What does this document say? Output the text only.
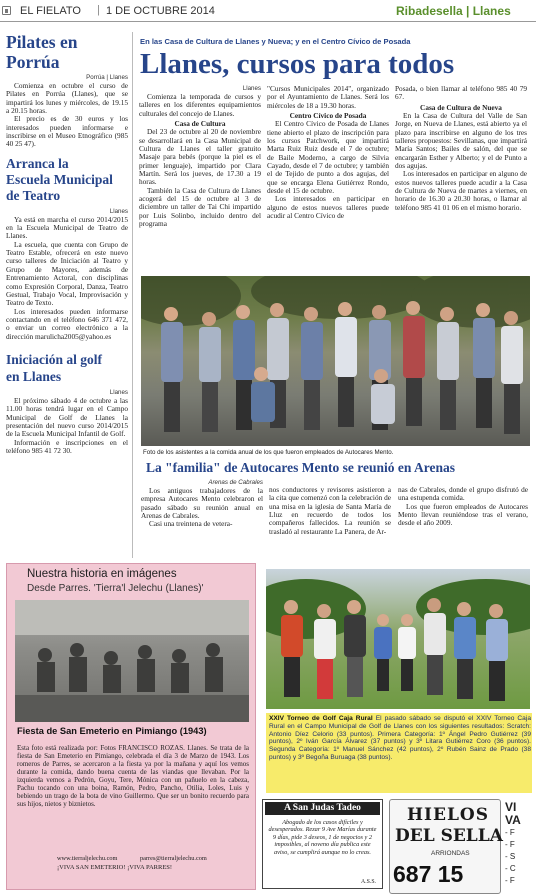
EL FIELATO | 1 DE OCTUBRE 2014	Ribadesella | Llanes
Pilates en
Porrúa
Porrúa | Llanes

Comienza en octubre el curso de Pilates en Porrúa (Llanes), que se impartirá los lunes y miércoles, de 19.15 a 20.15 horas.

El precio es de 30 euros y los interesados pueden informarse e inscribirse en el Museo Etnográfico (985 40 25 47).

Arranca la
Escuela Municipal
de Teatro
Llanes

Ya está en marcha el curso 2014/2015 en la Escuela Municipal de Teatro de Llanes.

La escuela, que cuenta con Grupo de Teatro Estable, ofrecerá en este nuevo curso talleres de Iniciación al Teatro y Grupo de Mayores, además de Entrenamiento Actoral, con disciplinas como Expresión Corporal, Danza, Teatro Gestual, Trabajo Vocal, Improvisación y Teatro de Texto.

Los interesados pueden informarse contactando en el teléfono 646 371 472, o enviar un correo electrónico a la dirección marulicha2005@yahoo.es

Iniciación al golf
en Llanes
Llanes

El próximo sábado 4 de octubre a las 11.00 horas tendrá lugar en el Campo Municipal de Golf de Llanes la presentación del nuevo curso 2014/2015 de la Escuela Municipal Infantil de Golf.

Información e inscripciones en el teléfono 985 41 72 30.

En las Casa de Cultura de Llanes y Nueva; y en el Centro Cívico de Posada
Llanes, cursos para todos
Llanes

Comienza la temporada de cursos y talleres en los diferentes equipamientos culturales del concejo de Llanes.

Casa de Cultura

Del 23 de octubre al 20 de noviembre se desarrollará en la Casa Municipal de Cultura de Llanes el taller gratuito Masaje para bebés (porque la piel es el primer lenguaje), impartido por Clara Martín. Será los jueves, de 17.30 a 19 horas.

También la Casa de Cultura de Llanes acogerá del 15 de octubre al 3 de diciembre un taller de Tai Chi impartido por Luis Solinbo, incluido dentro del programa

"Cursos Municipales 2014", organizado por el Ayuntamiento de Llanes. Será los miércoles de 18 a 19.30 horas.

Centro Cívico de Posada

El Centro Cívico de Posada de Llanes tiene abierto el plazo de inscripción para los cursos Patchwork, que impartirá Marta Ruiz Ruiz desde el 7 de octubre; de Baile Moderno, a cargo de Silvia Cayado, desde el 7 de octubre; y también el de Tejido de punto a dos agujas, del que se encarga Elena Gutiérrez Rondo, desde el 15 de octubre.

Los interesados en participar en alguno de estos nuevos talleres puede acudir al Centro Cívico de

Posada, o bien llamar al teléfono 985 40 79 67.

Casa de Cultura de Nueva

En la Casa de Cultura del Valle de San Jorge, en Nueva de Llanes, está abierto ya el plazo para inscribirse en alguno de los tres talleres propuestos: Sevillanas, que impartirá María Santos; Bailes de salón, del que se encargarán Esther y Alberto; y el de Punto a dos agujas.

Los interesados en participar en alguno de estos nuevos talleres puede acudir a la Casa de Cultura de Nueva de martes a viernes, en horario de 16.30 a 20.30 horas, o llamar al teléfono 985 41 01 06 en el mismo horario.

Foto de los asistentes a la comida anual de los que fueron empleados de Autocares Mento.
La "familia" de Autocares Mento se reunió en Arenas
Arenas de Cabrales

Los antiguos trabajadores de la empresa Autocares Mento celebraron el pasado sábado su reunión anual en Arenas de Cabrales.

Casi una treintena de vetera-

nos conductores y revisores asistieron a la cita que comenzó con la celebración de una misa en la iglesia de Santa María de Lluz en recuerdo de todos los compañeros fallecidos. La reunión se trasladó al restaurante La Panera, de Ar-

nas de Cabrales, donde el grupo disfrutó de una estupenda comida.

Los que fueron empleados de Autocares Mento llevan reuniéndose tras el verano, desde el año 2009.

Nuestra historia en imágenes
Desde Parres. 'Tierra'l Jelechu (Llanes)'
Fiesta de San Emeterio en Pimiango (1943)
Esta foto está realizada por: Fotos FRANCISCO ROZAS. Llanes. Se trata de la fiesta de San Emeterio en Pimiango, celebrada el día 3 de Marzo de 1943. Los romeros de Parres, se acercaron a la fiesta ya por la mañana y aquí los vemos durante la comida, dando buena cuenta de las viandas que llevaban. Por la izquierda vemos a Pedrón, Goyu, Tere, Mónica con un pañuelo en la cabeza, Pachu tocando con una boina, Ramón, Pedro, Pancho, Otilia, Loles, Luis y bebiendo un trago de la bota de vino Guillermo. Que ser un bonito recuerdo para sus hijos, nietos y biznietos.
www.tierraljelechu.com	parres@tierraljelechu.com
¡VIVA SAN EMETERIO! ¡VIVA PARRES!
XXIV Torneo de Golf Caja Rural El pasado sábado se disputó el XXIV Torneo Caja Rural en el Campo Municipal de Golf de Llanes con los siguientes resultados: Scratch: Antonio Díez Celorio (33 puntos). Primera Categoría: 1º Ángel Pedro Gutiérrez (39 puntos), 2º Iván García Álvarez (37 puntos) y 3º Litara Gutiérrez Coro (36 puntos). Segunda Categoría: 1º Manuel Sánchez (42 puntos), 2º Rubén Sainz de Prado (38 puntos) y 3º Begoña Buruaga (38 puntos).
A San Judas Tadeo
Abogado de los casos difíciles y desesperados. Rezar 9 Ave Marías durante 9 días, pide 3 deseos, 1 de negocios y 2 imposibles, al noveno día publica este aviso, se cumplirá aunque no lo creas.
A.S.S.
HIELOS
DEL SELLA
ARRIONDAS
687 15
VI
VA
- F
- F
- S
- C
- F
